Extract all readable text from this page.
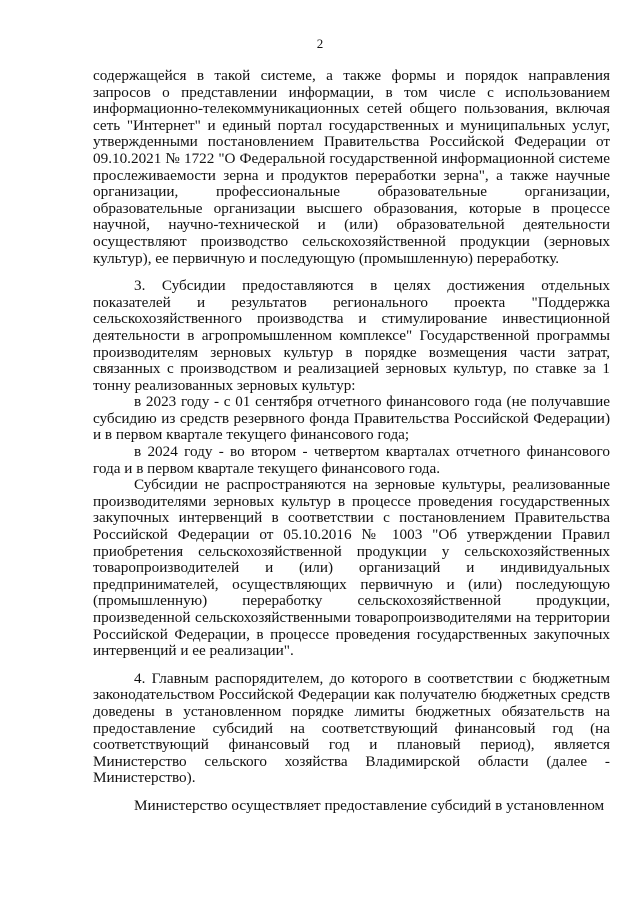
2

содержащейся в такой системе, а также формы и порядок направления запросов о представлении информации, в том числе с использованием информационно-телекоммуникационных сетей общего пользования, включая сеть "Интернет" и единый портал государственных и муниципальных услуг, утвержденными постановлением Правительства Российской Федерации от 09.10.2021 № 1722 "О Федеральной государственной информационной системе прослеживаемости зерна и продуктов переработки зерна", а также научные организации, профессиональные образовательные организации, образовательные организации высшего образования, которые в процессе научной, научно-технической и (или) образовательной деятельности осуществляют производство сельскохозяйственной продукции (зерновых культур), ее первичную и последующую (промышленную) переработку.

3. Субсидии предоставляются в целях достижения отдельных показателей и результатов регионального проекта "Поддержка сельскохозяйственного производства и стимулирование инвестиционной деятельности в агропромышленном комплексе" Государственной программы производителям зерновых культур в порядке возмещения части затрат, связанных с производством и реализацией зерновых культур, по ставке за 1 тонну реализованных зерновых культур:

в 2023 году - с 01 сентября отчетного финансового года (не получавшие субсидию из средств резервного фонда Правительства Российской Федерации) и в первом квартале текущего финансового года;

в 2024 году - во втором - четвертом кварталах отчетного финансового года и в первом квартале текущего финансового года.

Субсидии не распространяются на зерновые культуры, реализованные производителями зерновых культур в процессе проведения государственных закупочных интервенций в соответствии с постановлением Правительства Российской Федерации от 05.10.2016 № 1003 "Об утверждении Правил приобретения сельскохозяйственной продукции у сельскохозяйственных товаропроизводителей и (или) организаций и индивидуальных предпринимателей, осуществляющих первичную и (или) последующую (промышленную) переработку сельскохозяйственной продукции, произведенной сельскохозяйственными товаропроизводителями на территории Российской Федерации, в процессе проведения государственных закупочных интервенций и ее реализации".

4. Главным распорядителем, до которого в соответствии с бюджетным законодательством Российской Федерации как получателю бюджетных средств доведены в установленном порядке лимиты бюджетных обязательств на предоставление субсидий на соответствующий финансовый год (на соответствующий финансовый год и плановый период), является Министерство сельского хозяйства Владимирской области (далее - Министерство).

Министерство осуществляет предоставление субсидий в установленном
